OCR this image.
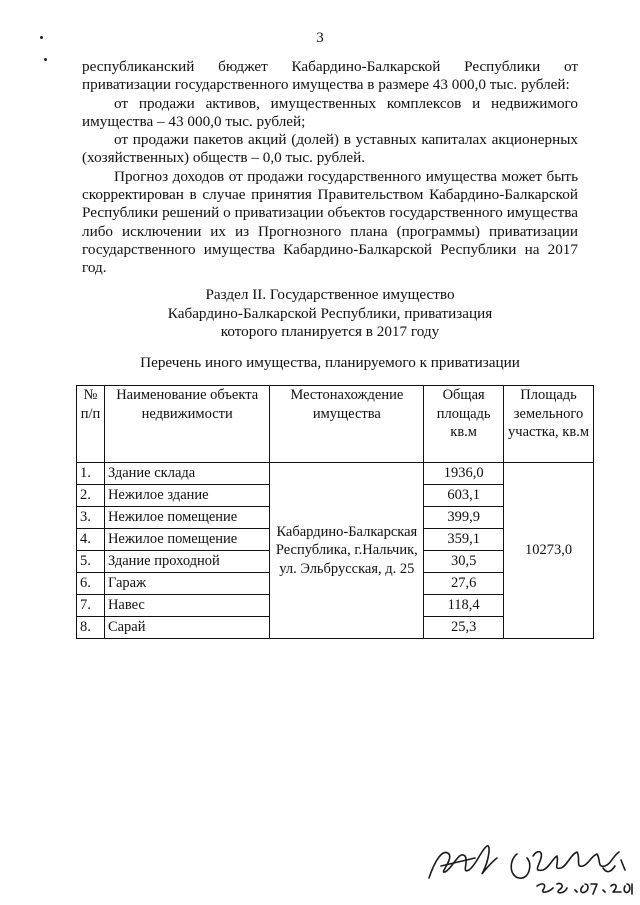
3

республиканский бюджет Кабардино-Балкарской Республики от приватизации государственного имущества в размере 43 000,0 тыс. рублей:

от продажи активов, имущественных комплексов и недвижимого имущества – 43 000,0 тыс. рублей;

от продажи пакетов акций (долей) в уставных капиталах акционерных (хозяйственных) обществ – 0,0 тыс. рублей.

Прогноз доходов от продажи государственного имущества может быть скорректирован в случае принятия Правительством Кабардино-Балкарской Республики решений о приватизации объектов государственного имущества либо исключении их из Прогнозного плана (программы) приватизации государственного имущества Кабардино-Балкарской Республики на 2017 год.

Раздел II. Государственное имущество
Кабардино-Балкарской Республики, приватизация
которого планируется в 2017 году
Перечень иного имущества, планируемого к приватизации
№ п/п	Наименование объекта недвижимости	Местонахождение имущества	Общая площадь кв.м	Площадь земельного участка, кв.м
1.	Здание склада	Кабардино-Балкарская Республика, г.Нальчик, ул. Эльбрусская, д. 25	1936,0	10273,0
2.	Нежилое здание		603,1	
3.	Нежилое помещение		399,9	
4.	Нежилое помещение		359,1	
5.	Здание проходной		30,5	
6.	Гараж		27,6	
7.	Навес		118,4	
8.	Сарай		25,3	
